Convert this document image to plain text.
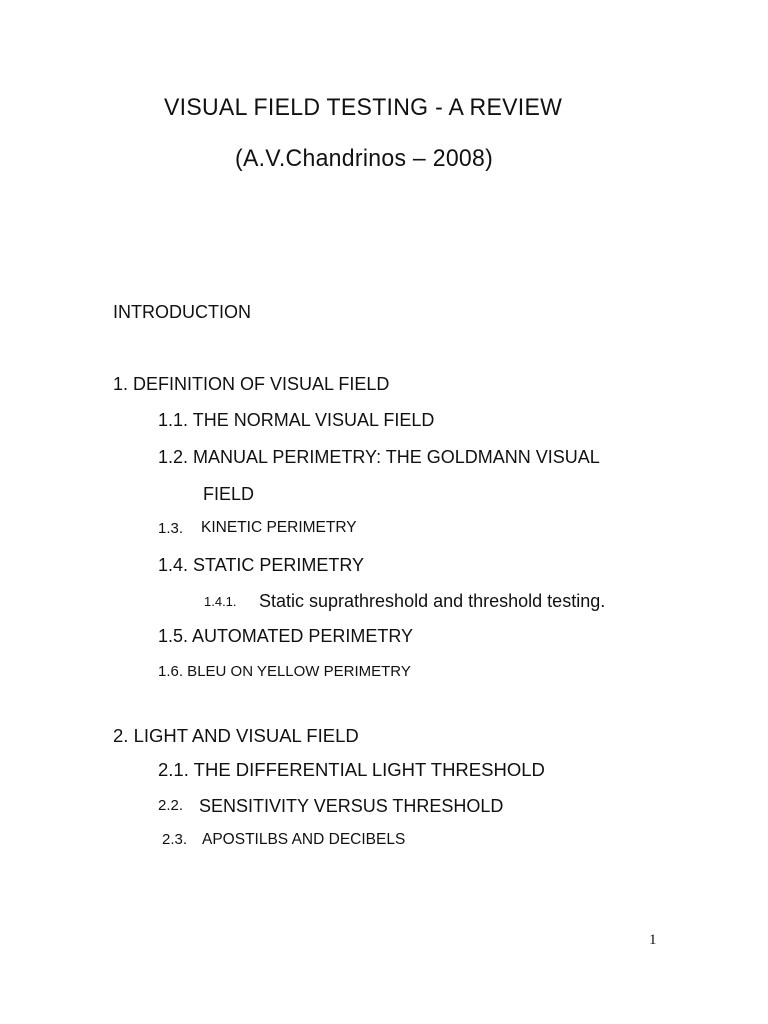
VISUAL FIELD TESTING - A REVIEW
(A.V.Chandrinos – 2008)
INTRODUCTION
1. DEFINITION OF VISUAL FIELD
1.1. THE NORMAL VISUAL FIELD
1.2. MANUAL PERIMETRY: THE GOLDMANN VISUAL
FIELD
1.3. KINETIC PERIMETRY
1.4. STATIC PERIMETRY
1.4.1. Static suprathreshold and threshold testing.
1.5. AUTOMATED PERIMETRY
1.6. BLEU ON YELLOW PERIMETRY
2. LIGHT AND VISUAL FIELD
2.1. THE DIFFERENTIAL LIGHT THRESHOLD
2.2. SENSITIVITY VERSUS THRESHOLD
2.3. APOSTILBS AND DECIBELS
1
